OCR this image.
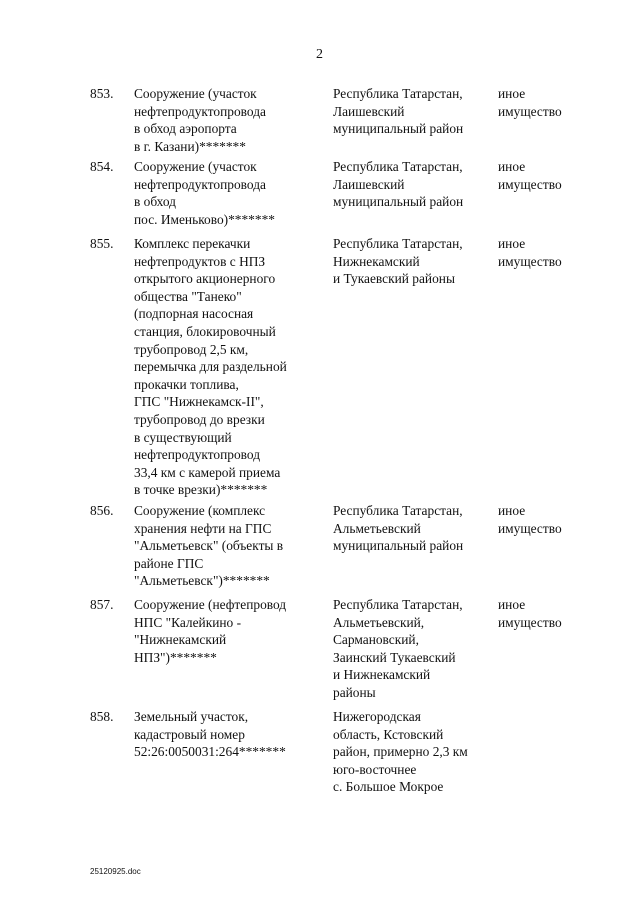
2
853. Сооружение (участок
нефтепродуктопровода
в обход аэропорта
в г. Казани)*******
Республика Татарстан,
Лаишевский
муниципальный район
иное
имущество
854. Сооружение (участок
нефтепродуктопровода
в обход
пос. Имeньково)*******
Республика Татарстан,
Лаишевский
муниципальный район
иное
имущество
855. Комплекс перекачки
нефтепродуктов с НПЗ
открытого акционерного
общества "Танеко"
(подпорная насосная
станция, блокировочный
трубопровод 2,5 км,
перемычка для раздельной
прокачки топлива,
ГПС "Нижнекамск-II",
трубопровод до врезки
в существующий
нефтепродуктопровод
33,4 км с камерой приема
в точке врезки)*******
Республика Татарстан,
Нижнекамский
и Тукаевский районы
иное
имущество
856. Сооружение (комплекс
хранения нефти на ГПС
"Альметьевск" (объекты в
районе ГПС
"Альметьевск")*******
Республика Татарстан,
Альметьевский
муниципальный район
иное
имущество
857. Сооружение (нефтепровод
НПС "Калейкино -
"Нижнекамский
НПЗ")*******
Республика Татарстан,
Альметьевский,
Сармановский,
Заинский Тукаевский
и Нижнекамский
районы
иное
имущество
858. Земельный участок,
кадастровый номер
52:26:0050031:264*******
Нижегородская
область, Кстовский
район, примерно 2,3 км
юго-восточнее
с. Большое Мокрое
25120925.doc
